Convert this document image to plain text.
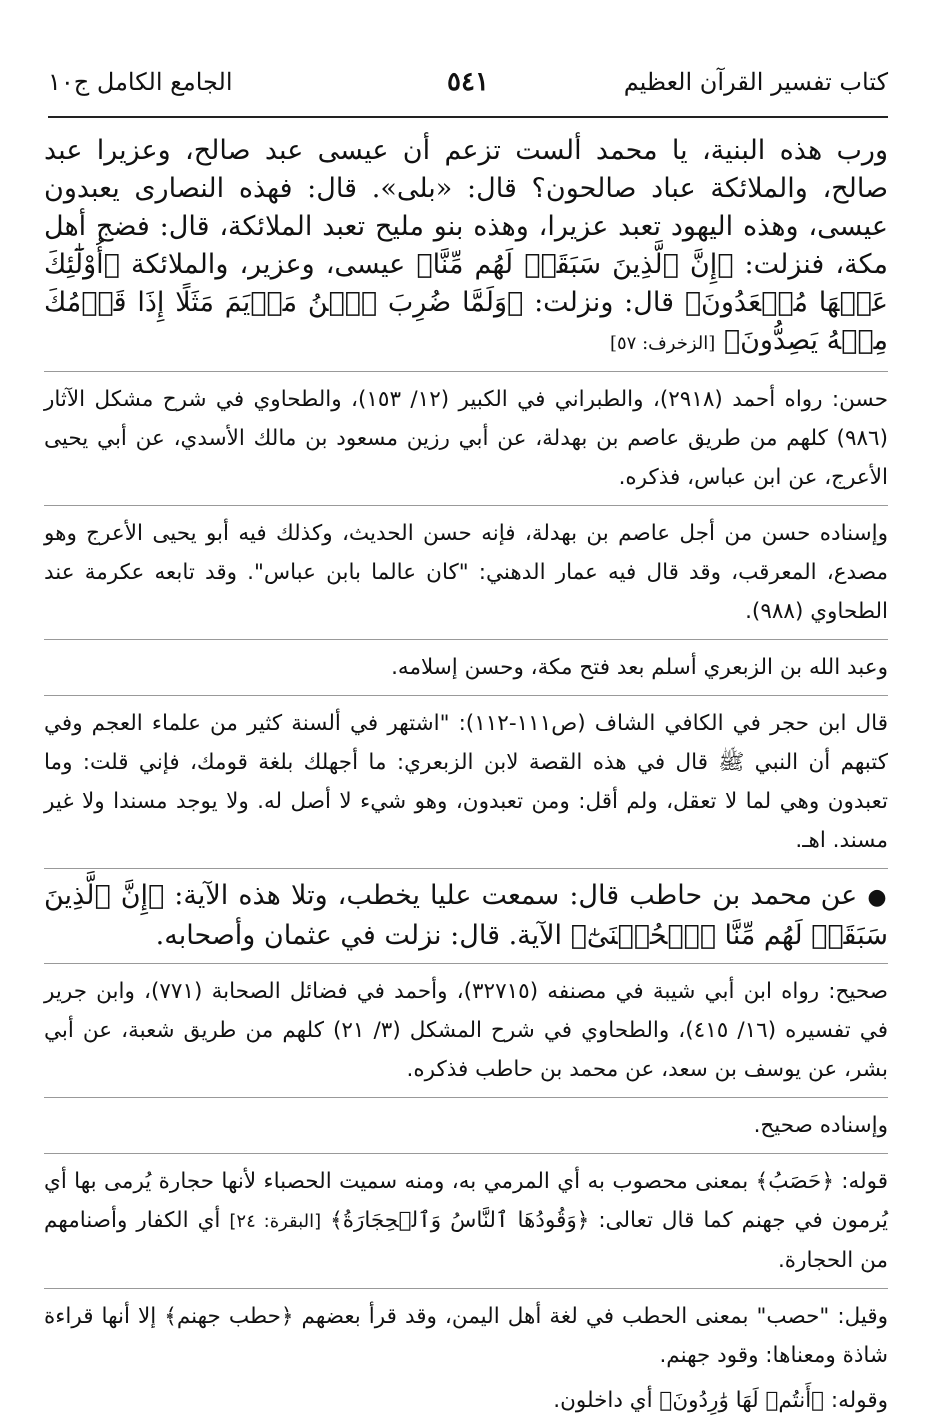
كتاب تفسير القرآن العظيم
٥٤١
الجامع الكامل ج١٠

ورب هذه البنية، يا محمد ألست تزعم أن عيسى عبد صالح، وعزيرا عبد صالح، والملائكة عباد صالحون؟ قال: «بلى». قال: فهذه النصارى يعبدون عيسى، وهذه اليهود تعبد عزيرا، وهذه بنو مليح تعبد الملائكة، قال: فضج أهل مكة، فنزلت: ﴿إِنَّ ٱلَّذِينَ سَبَقَتۡ لَهُم مِّنَّا﴾ عيسى، وعزير، والملائكة ﴿أُوْلَٰٓئِكَ عَنۡهَا مُبۡعَدُونَ﴾ قال: ونزلت: ﴿وَلَمَّا ضُرِبَ ٱبۡنُ مَرۡيَمَ مَثَلًا إِذَا قَوۡمُكَ مِنۡهُ يَصِدُّونَ﴾ [الزخرف: ٥٧]

حسن: رواه أحمد (٢٩١٨)، والطبراني في الكبير (١٢/ ١٥٣)، والطحاوي في شرح مشكل الآثار (٩٨٦) كلهم من طريق عاصم بن بهدلة، عن أبي رزين مسعود بن مالك الأسدي، عن أبي يحيى الأعرج، عن ابن عباس، فذكره.

وإسناده حسن من أجل عاصم بن بهدلة، فإنه حسن الحديث، وكذلك فيه أبو يحيى الأعرج وهو مصدع، المعرقب، وقد قال فيه عمار الدهني: "كان عالما بابن عباس". وقد تابعه عكرمة عند الطحاوي (٩٨٨).

وعبد الله بن الزبعري أسلم بعد فتح مكة، وحسن إسلامه.

قال ابن حجر في الكافي الشاف (ص١١١-١١٢): "اشتهر في ألسنة كثير من علماء العجم وفي كتبهم أن النبي ﷺ قال في هذه القصة لابن الزبعري: ما أجهلك بلغة قومك، فإني قلت: وما تعبدون وهي لما لا تعقل، ولم أقل: ومن تعبدون، وهو شيء لا أصل له. ولا يوجد مسندا ولا غير مسند. اهـ.

● عن محمد بن حاطب قال: سمعت عليا يخطب، وتلا هذه الآية: ﴿إِنَّ ٱلَّذِينَ سَبَقَتۡ لَهُم مِّنَّا ٱلۡحُسۡنَىٰٓ﴾ الآية. قال: نزلت في عثمان وأصحابه.

صحيح: رواه ابن أبي شيبة في مصنفه (٣٢٧١٥)، وأحمد في فضائل الصحابة (٧٧١)، وابن جرير في تفسيره (١٦/ ٤١٥)، والطحاوي في شرح المشكل (٣/ ٢١) كلهم من طريق شعبة، عن أبي بشر، عن يوسف بن سعد، عن محمد بن حاطب فذكره.

وإسناده صحيح.

قوله: ﴿حَصَبُ﴾ بمعنى محصوب به أي المرمي به، ومنه سميت الحصباء لأنها حجارة يُرمى بها أي يُرمون في جهنم كما قال تعالى: ﴿وَقُودُهَا ٱلنَّاسُ وَٱلۡحِجَارَةُ﴾ [البقرة: ٢٤] أي الكفار وأصنامهم من الحجارة.

وقيل: "حصب" بمعنى الحطب في لغة أهل اليمن، وقد قرأ بعضهم ﴿حطب جهنم﴾ إلا أنها قراءة شاذة ومعناها: وقود جهنم.

وقوله: ﴿أَنتُمۡ لَهَا وَٰرِدُونَ﴾ أي داخلون.
